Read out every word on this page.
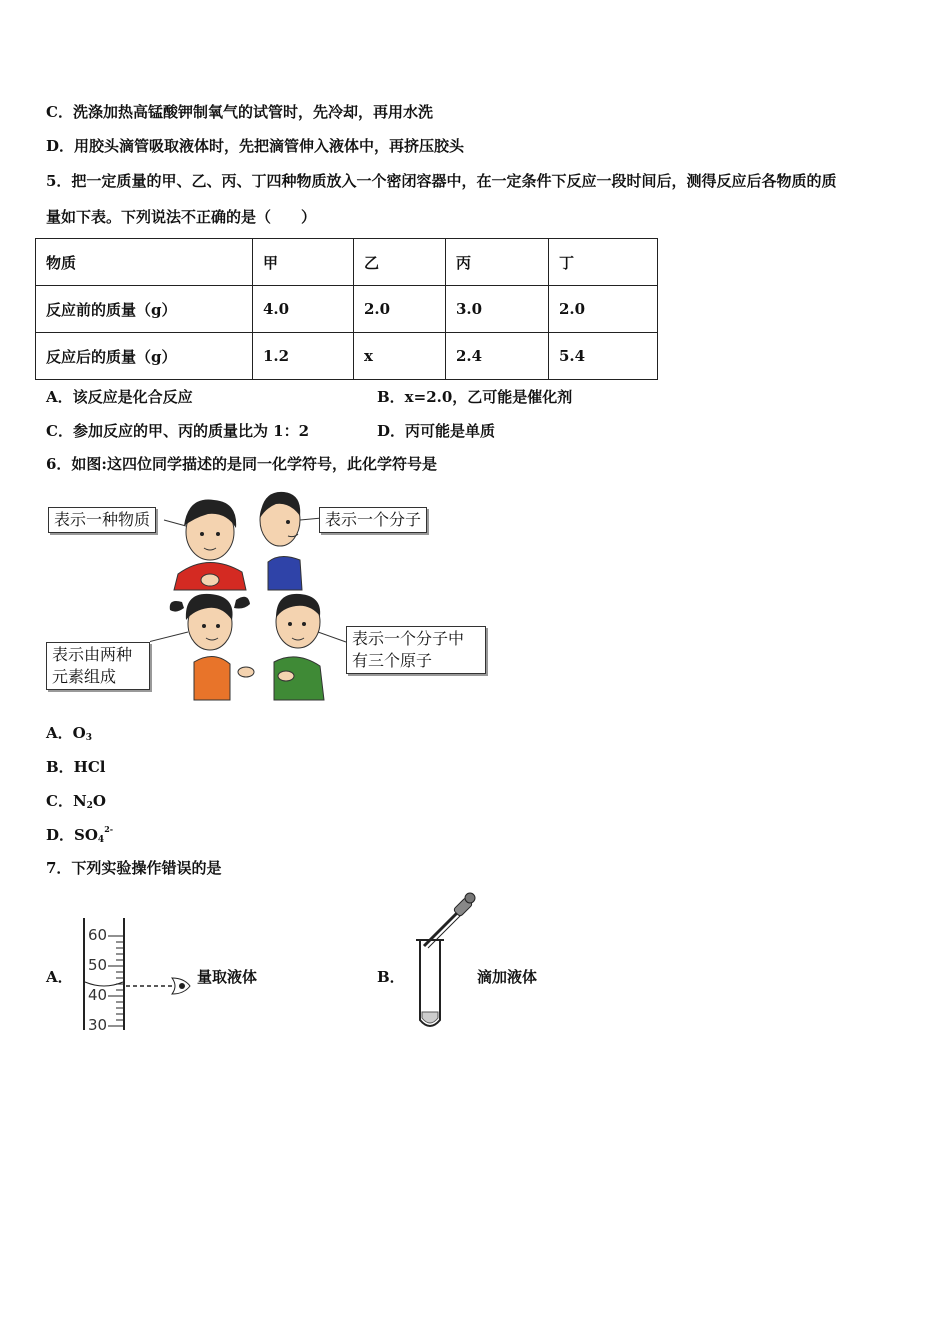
C．洗涤加热高锰酸钾制氧气的试管时，先冷却，再用水洗
D．用胶头滴管吸取液体时，先把滴管伸入液体中，再挤压胶头
5．把一定质量的甲、乙、丙、丁四种物质放入一个密闭容器中，在一定条件下反应一段时间后，测得反应后各物质的质
量如下表。下列说法不正确的是（　　）
物质	甲	乙	丙	丁
反应前的质量（g）	4.0	2.0	3.0	2.0
反应后的质量（g）	1.2	x	2.4	5.4
A．该反应是化合反应	B．x=2.0，乙可能是催化剂
C．参加反应的甲、丙的质量比为 1：2	D．丙可能是单质
6．如图:这四位同学描述的是同一化学符号，此化学符号是
表示一种物质	表示一个分子
表示由两种
元素组成
表示一个分子中
有三个原子
A．$O_3$
B．HCl
C．$N_2O$
D．$SO_4^{2-}$
7．下列实验操作错误的是
A．
60
50
40
30
量取液体	B．	滴加液体
